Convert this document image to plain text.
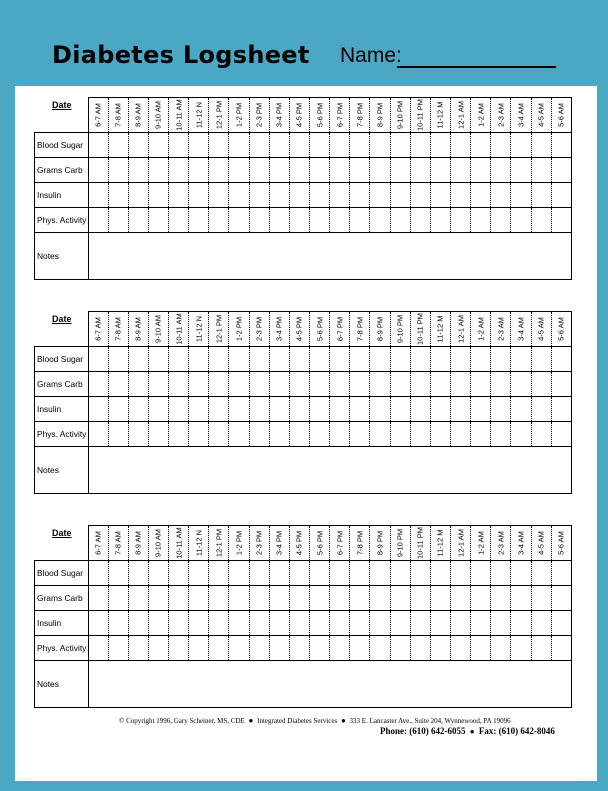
Diabetes Logsheet Name:
Date

	6-7 AM	7-8 AM	8-9 AM	9-10 AM	10-11 AM	11-12 N	12-1 PM	1-2 PM	2-3 PM	3-4 PM	4-5 PM	5-6 PM	6-7 PM	7-8 PM	8-9 PM	9-10 PM	10-11 PM	11-12 M	12-1 AM	1-2 AM	2-3 AM	3-4 AM	4-5 AM	5-6 AM

Blood Sugar																								
Grams Carb																								
Insulin																								
Phys. Activity																								
Notes																								
Date

	6-7 AM	7-8 AM	8-9 AM	9-10 AM	10-11 AM	11-12 N	12-1 PM	1-2 PM	2-3 PM	3-4 PM	4-5 PM	5-6 PM	6-7 PM	7-8 PM	8-9 PM	9-10 PM	10-11 PM	11-12 M	12-1 AM	1-2 AM	2-3 AM	3-4 AM	4-5 AM	5-6 AM

Blood Sugar																								
Grams Carb																								
Insulin																								
Phys. Activity																								
Notes																								
Date

	6-7 AM	7-8 AM	8-9 AM	9-10 AM	10-11 AM	11-12 N	12-1 PM	1-2 PM	2-3 PM	3-4 PM	4-5 PM	5-6 PM	6-7 PM	7-8 PM	8-9 PM	9-10 PM	10-11 PM	11-12 M	12-1 AM	1-2 AM	2-3 AM	3-4 AM	4-5 AM	5-6 AM

Blood Sugar																								
Grams Carb																								
Insulin																								
Phys. Activity																								
Notes																								
© Copyright 1996, Gary Scheiner, MS, CDE  ●  Integrated Diabetes Services  ●  333 E. Lancaster Ave., Suite 204, Wynnewood, PA 19096
Phone: (610) 642-6055  ●  Fax: (610) 642-8046
